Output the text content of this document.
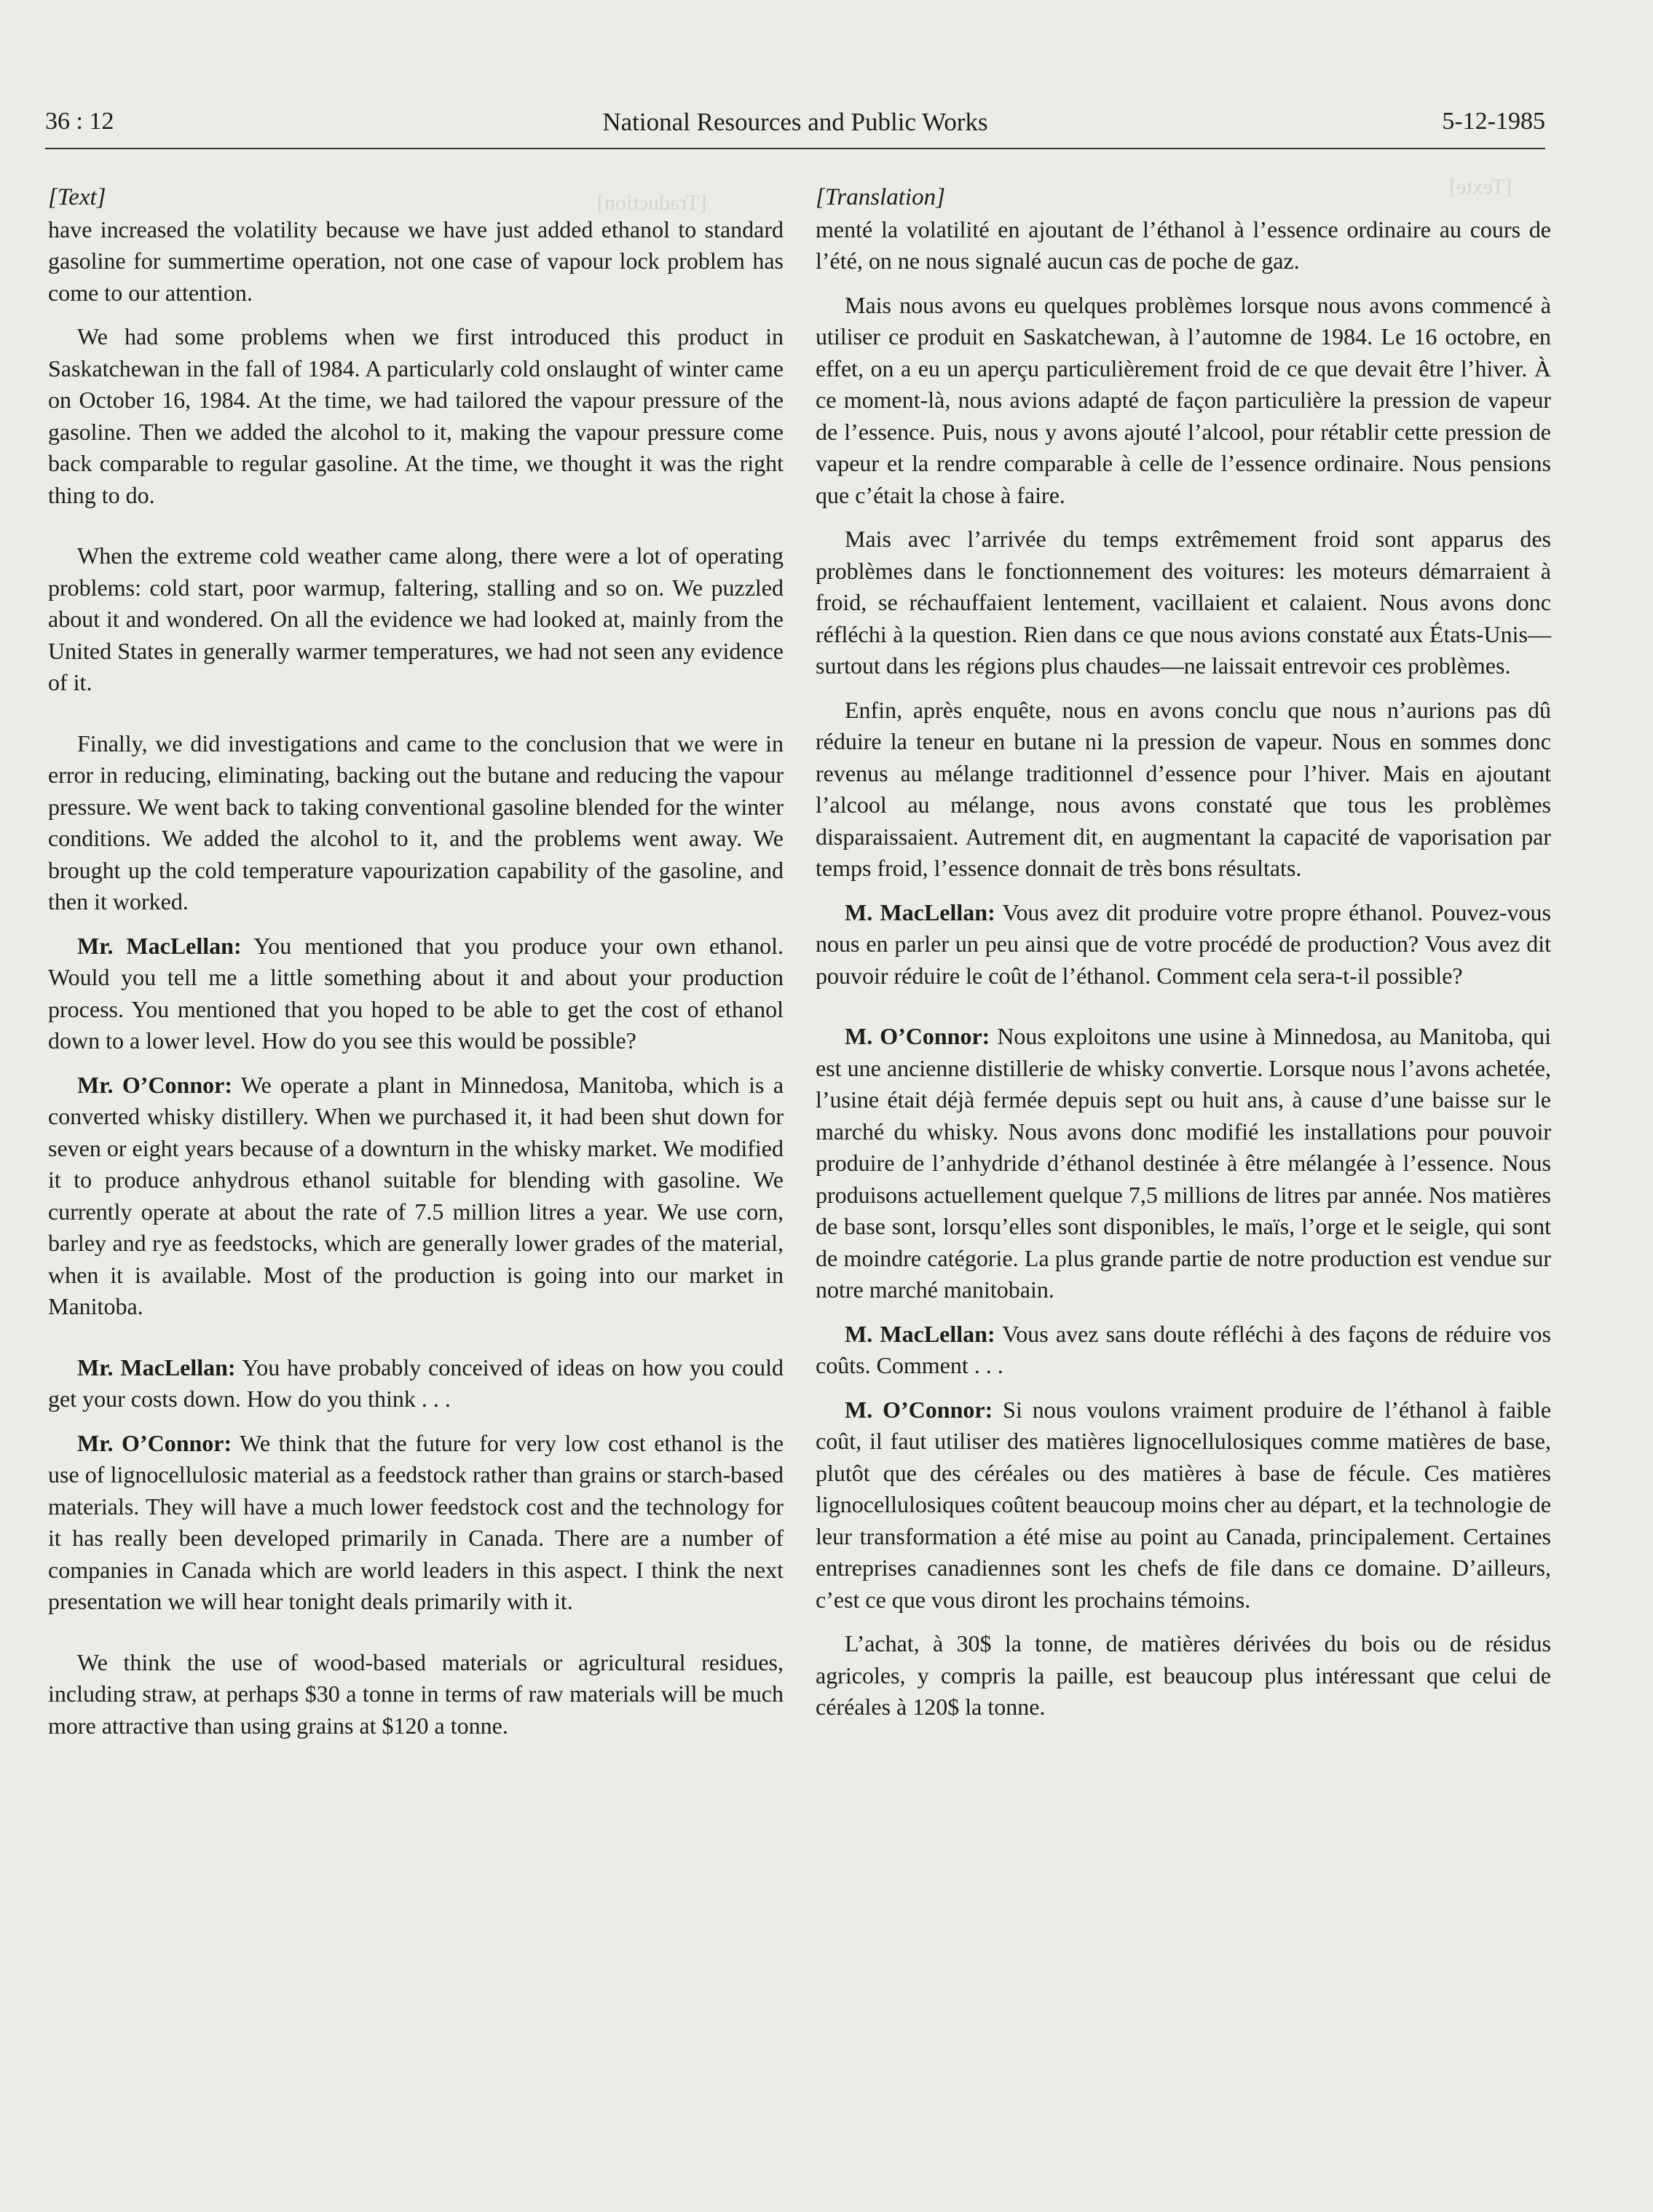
36 : 12	National Resources and Public Works	5-12-1985
[Traduction]
[Texte]

[Text]

have increased the volatility because we have just added ethanol to standard gasoline for summertime operation, not one case of vapour lock problem has come to our attention.

We had some problems when we first introduced this product in Saskatchewan in the fall of 1984. A particularly cold onslaught of winter came on October 16, 1984. At the time, we had tailored the vapour pressure of the gasoline. Then we added the alcohol to it, making the vapour pressure come back comparable to regular gasoline. At the time, we thought it was the right thing to do.

When the extreme cold weather came along, there were a lot of operating problems: cold start, poor warmup, faltering, stalling and so on. We puzzled about it and wondered. On all the evidence we had looked at, mainly from the United States in generally warmer temperatures, we had not seen any evidence of it.

Finally, we did investigations and came to the conclusion that we were in error in reducing, eliminating, backing out the butane and reducing the vapour pressure. We went back to taking conventional gasoline blended for the winter conditions. We added the alcohol to it, and the problems went away. We brought up the cold temperature vapourization capability of the gasoline, and then it worked.

Mr. MacLellan: You mentioned that you produce your own ethanol. Would you tell me a little something about it and about your production process. You mentioned that you hoped to be able to get the cost of ethanol down to a lower level. How do you see this would be possible?

Mr. O’Connor: We operate a plant in Minnedosa, Manitoba, which is a converted whisky distillery. When we purchased it, it had been shut down for seven or eight years because of a downturn in the whisky market. We modified it to produce anhydrous ethanol suitable for blending with gasoline. We currently operate at about the rate of 7.5 million litres a year. We use corn, barley and rye as feedstocks, which are generally lower grades of the material, when it is available. Most of the production is going into our market in Manitoba.

Mr. MacLellan: You have probably conceived of ideas on how you could get your costs down. How do you think . . .

Mr. O’Connor: We think that the future for very low cost ethanol is the use of lignocellulosic material as a feedstock rather than grains or starch-based materials. They will have a much lower feedstock cost and the technology for it has really been developed primarily in Canada. There are a number of companies in Canada which are world leaders in this aspect. I think the next presentation we will hear tonight deals primarily with it.

We think the use of wood-based materials or agricultural residues, including straw, at perhaps $30 a tonne in terms of raw materials will be much more attractive than using grains at $120 a tonne.

[Translation]

menté la volatilité en ajoutant de l’éthanol à l’essence ordinaire au cours de l’été, on ne nous signalé aucun cas de poche de gaz.

Mais nous avons eu quelques problèmes lorsque nous avons commencé à utiliser ce produit en Saskatchewan, à l’automne de 1984. Le 16 octobre, en effet, on a eu un aperçu particulièrement froid de ce que devait être l’hiver. À ce moment-là, nous avions adapté de façon particulière la pression de vapeur de l’essence. Puis, nous y avons ajouté l’alcool, pour rétablir cette pression de vapeur et la rendre comparable à celle de l’essence ordinaire. Nous pensions que c’était la chose à faire.

Mais avec l’arrivée du temps extrêmement froid sont apparus des problèmes dans le fonctionnement des voitures: les moteurs démarraient à froid, se réchauffaient lentement, vacillaient et calaient. Nous avons donc réfléchi à la question. Rien dans ce que nous avions constaté aux États-Unis—surtout dans les régions plus chaudes—ne laissait entrevoir ces problèmes.

Enfin, après enquête, nous en avons conclu que nous n’aurions pas dû réduire la teneur en butane ni la pression de vapeur. Nous en sommes donc revenus au mélange traditionnel d’essence pour l’hiver. Mais en ajoutant l’alcool au mélange, nous avons constaté que tous les problèmes disparaissaient. Autrement dit, en augmentant la capacité de vaporisation par temps froid, l’essence donnait de très bons résultats.

M. MacLellan: Vous avez dit produire votre propre éthanol. Pouvez-vous nous en parler un peu ainsi que de votre procédé de production? Vous avez dit pouvoir réduire le coût de l’éthanol. Comment cela sera-t-il possible?

M. O’Connor: Nous exploitons une usine à Minnedosa, au Manitoba, qui est une ancienne distillerie de whisky convertie. Lorsque nous l’avons achetée, l’usine était déjà fermée depuis sept ou huit ans, à cause d’une baisse sur le marché du whisky. Nous avons donc modifié les installations pour pouvoir produire de l’anhydride d’éthanol destinée à être mélangée à l’essence. Nous produisons actuellement quelque 7,5 millions de litres par année. Nos matières de base sont, lorsqu’elles sont disponibles, le maïs, l’orge et le seigle, qui sont de moindre catégorie. La plus grande partie de notre production est vendue sur notre marché manitobain.

M. MacLellan: Vous avez sans doute réfléchi à des façons de réduire vos coûts. Comment . . .

M. O’Connor: Si nous voulons vraiment produire de l’éthanol à faible coût, il faut utiliser des matières lignocellulosiques comme matières de base, plutôt que des céréales ou des matières à base de fécule. Ces matières lignocellulosiques coûtent beaucoup moins cher au départ, et la technologie de leur transformation a été mise au point au Canada, principalement. Certaines entreprises canadiennes sont les chefs de file dans ce domaine. D’ailleurs, c’est ce que vous diront les prochains témoins.

L’achat, à 30$ la tonne, de matières dérivées du bois ou de résidus agricoles, y compris la paille, est beaucoup plus intéressant que celui de céréales à 120$ la tonne.
